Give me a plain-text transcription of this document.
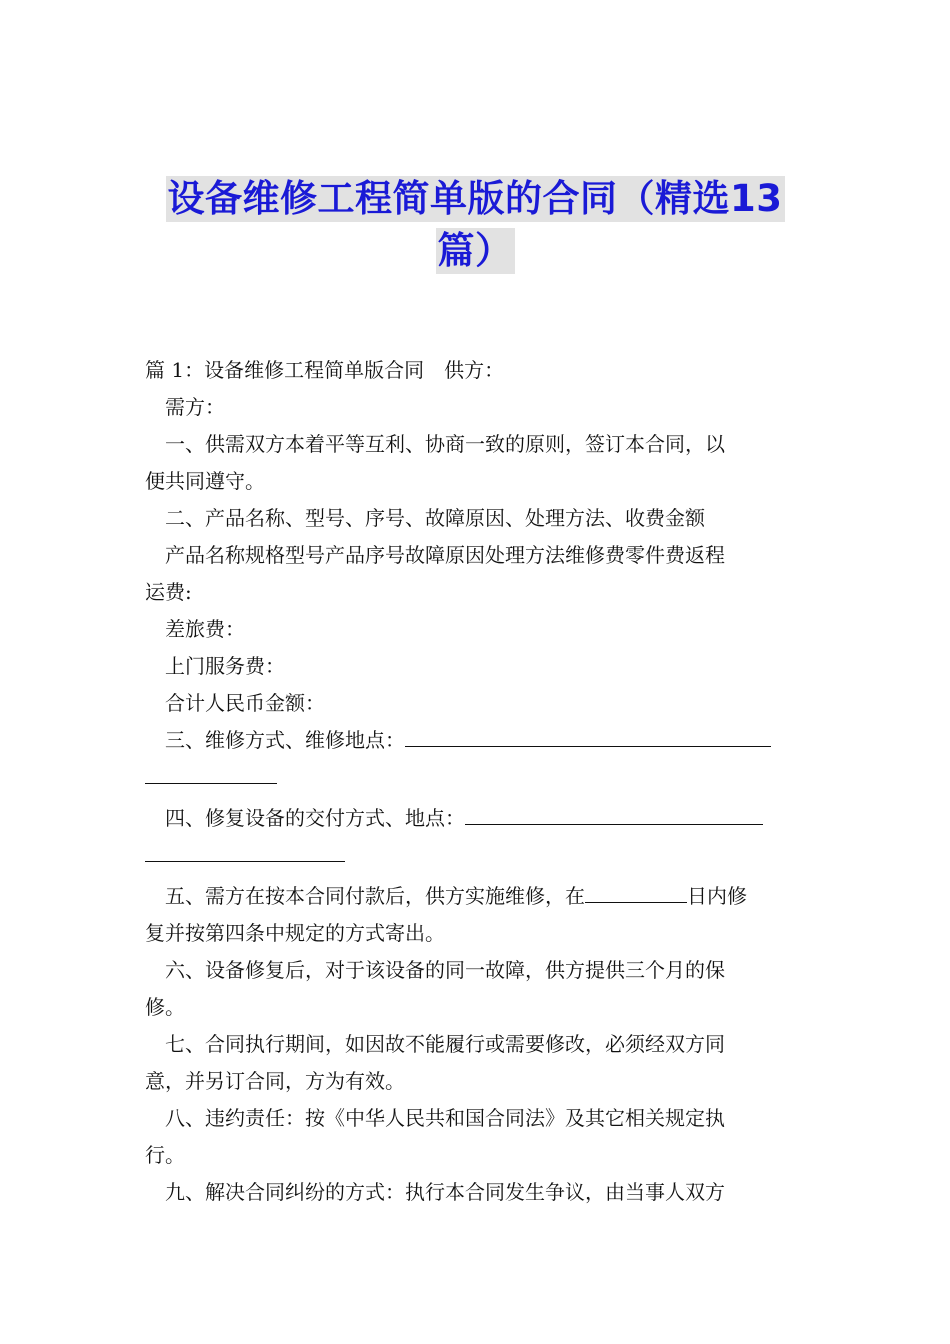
设备维修工程简单版的合同（精选13
篇）

篇 1：设备维修工程简单版合同　供方：

需方：

一、供需双方本着平等互利、协商一致的原则，签订本合同，以

便共同遵守。

二、产品名称、型号、序号、故障原因、处理方法、收费金额

产品名称规格型号产品序号故障原因处理方法维修费零件费返程

运费:

差旅费：

上门服务费：

合计人民币金额：

三、维修方式、维修地点：

四、修复设备的交付方式、地点：

五、需方在按本合同付款后，供方实施维修，在	日内修

复并按第四条中规定的方式寄出。

六、设备修复后，对于该设备的同一故障，供方提供三个月的保

修。

七、合同执行期间，如因故不能履行或需要修改，必须经双方同

意，并另订合同，方为有效。

八、违约责任：按《中华人民共和国合同法》及其它相关规定执

行。

九、解决合同纠纷的方式：执行本合同发生争议，由当事人双方
